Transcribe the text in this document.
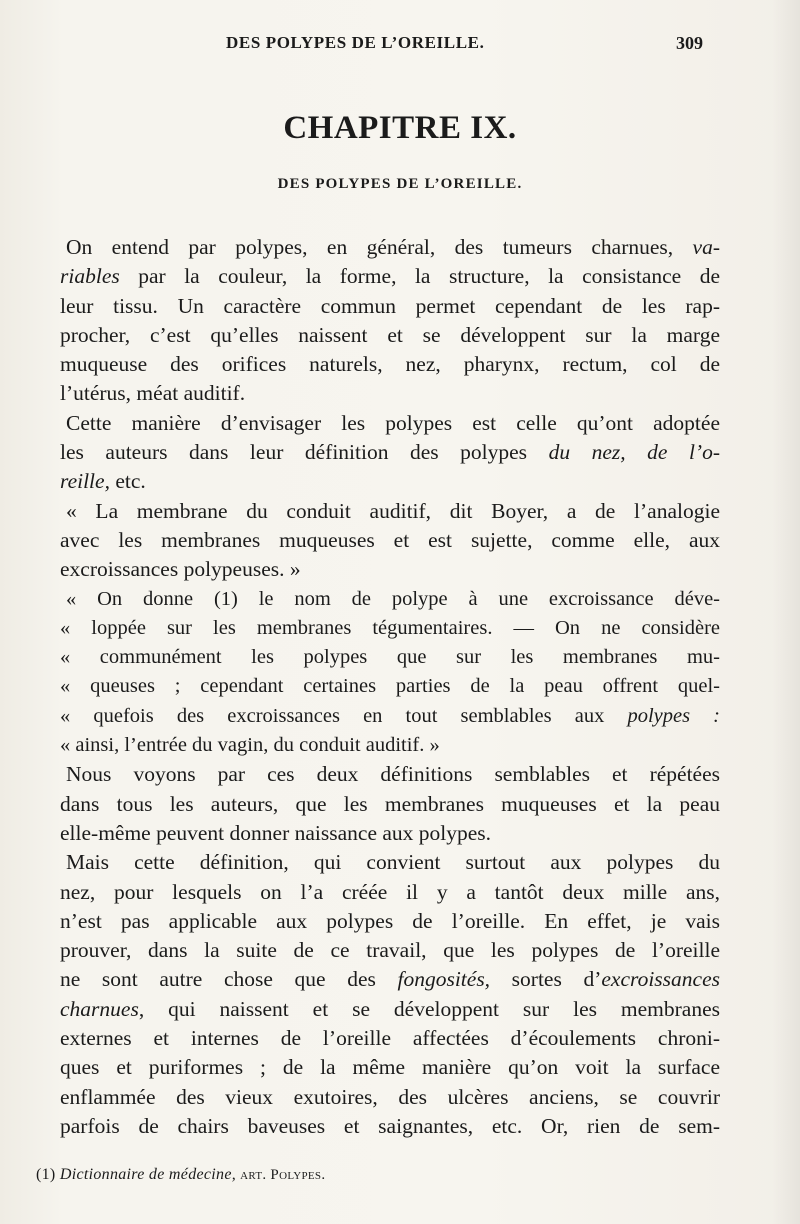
DES POLYPES DE L’OREILLE.	309
CHAPITRE IX.
DES POLYPES DE L’OREILLE.
On entend par polypes, en général, des tumeurs charnues, va-
riables par la couleur, la forme, la structure, la consistance de
leur tissu. Un caractère commun permet cependant de les rap-
procher, c’est qu’elles naissent et se développent sur la marge
muqueuse des orifices naturels, nez, pharynx, rectum, col de
l’utérus, méat auditif.
Cette manière d’envisager les polypes est celle qu’ont adoptée
les auteurs dans leur définition des polypes du nez, de l’o-
reille, etc.
« La membrane du conduit auditif, dit Boyer, a de l’analogie
avec les membranes muqueuses et est sujette, comme elle, aux
excroissances polypeuses. »
« On donne (1) le nom de polype à une excroissance déve-
« loppée sur les membranes tégumentaires. — On ne considère
« communément les polypes que sur les membranes mu-
« queuses ; cependant certaines parties de la peau offrent quel-
« quefois des excroissances en tout semblables aux polypes :
« ainsi, l’entrée du vagin, du conduit auditif. »
Nous voyons par ces deux définitions semblables et répétées
dans tous les auteurs, que les membranes muqueuses et la peau
elle-même peuvent donner naissance aux polypes.
Mais cette définition, qui convient surtout aux polypes du
nez, pour lesquels on l’a créée il y a tantôt deux mille ans,
n’est pas applicable aux polypes de l’oreille. En effet, je vais
prouver, dans la suite de ce travail, que les polypes de l’oreille
ne sont autre chose que des fongosités, sortes d’excroissances
charnues, qui naissent et se développent sur les membranes
externes et internes de l’oreille affectées d’écoulements chroni-
ques et puriformes ; de la même manière qu’on voit la surface
enflammée des vieux exutoires, des ulcères anciens, se couvrir
parfois de chairs baveuses et saignantes, etc. Or, rien de sem-
(1) Dictionnaire de médecine, art. Polypes.
